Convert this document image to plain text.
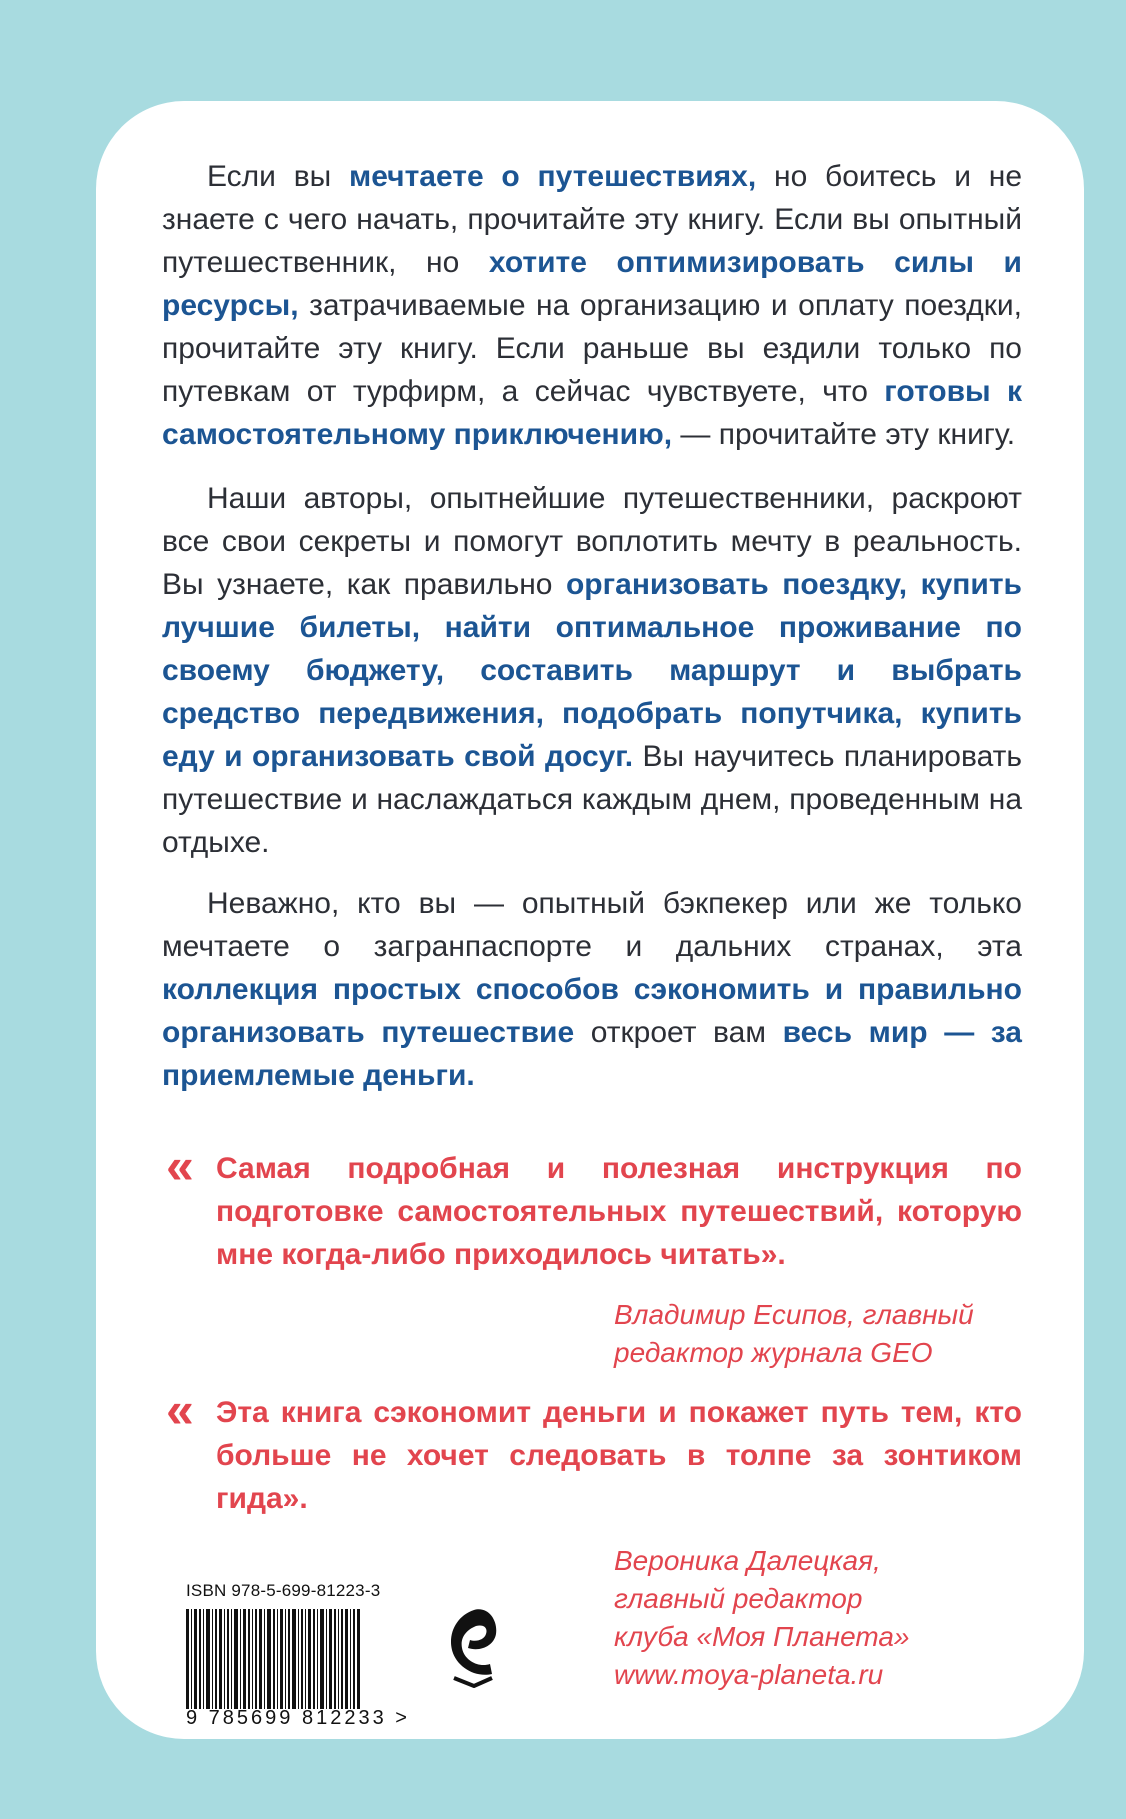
  Если вы мечтаете о путешествиях, но боитесь и не знаете с чего начать, прочитайте эту книгу. Если вы опытный путешественник, но хотите оптимизировать силы и ресурсы, затрачиваемые на организацию и оплату поездки, прочитайте эту книгу. Если раньше вы ездили только по путевкам от турфирм, а сейчас чувствуете, что готовы к самостоятельному приключению, — прочитайте эту книгу.

  Наши авторы, опытнейшие путешественники, раскроют все свои секреты и помогут воплотить мечту в реальность. Вы узнаете, как правильно организовать поездку, купить лучшие билеты, найти оптимальное проживание по своему бюджету, составить маршрут и выбрать средство передвижения, подобрать попутчика, купить еду и организовать свой досуг. Вы научитесь планировать путешествие и наслаждаться каждым днем, проведенным на отдыхе.

  Неважно, кто вы — опытный бэкпекер или же только мечтаете о загранпаспорте и дальних странах, эта коллекция простых способов сэкономить и правильно организовать путешествие откроет вам весь мир — за приемлемые деньги.

« Самая подробная и полезная инструкция по подготовке самостоятельных путешествий, которую мне когда-либо приходилось читать».

Владимир Есипов, главный редактор журнала GEO

« Эта книга сэкономит деньги и покажет путь тем, кто больше не хочет следовать в толпе за зонтиком гида».

Вероника Далецкая,
главный редактор
клуба «Моя Планета»
www.moya-planeta.ru

ISBN 978-5-699-81223-3
9 785699 812233 >
